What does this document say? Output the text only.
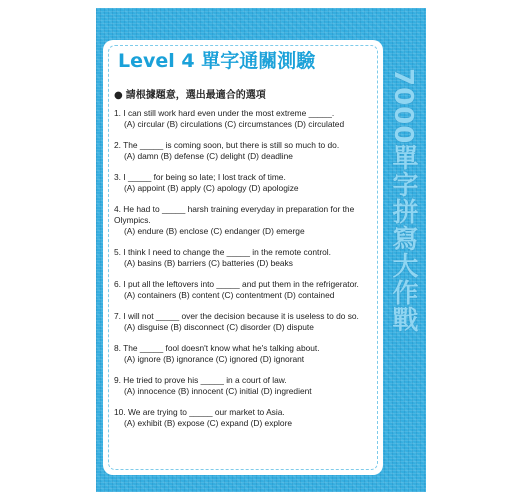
7000單字拼寫大作戰
Level 4 單字通關測驗
● 請根據題意，選出最適合的選項
1. I can still work hard even under the most extreme _____.
(A) circular (B) circulations (C) circumstances (D) circulated
2. The _____ is coming soon, but there is still so much to do.
(A) damn (B) defense (C) delight (D) deadline
3. I _____ for being so late; I lost track of time.
(A) appoint (B) apply (C) apology (D) apologize
4. He had to _____ harsh training everyday in preparation for the Olympics.
(A) endure (B) enclose (C) endanger (D) emerge
5. I think I need to change the _____ in the remote control.
(A) basins (B) barriers (C) batteries (D) beaks
6. I put all the leftovers into _____ and put them in the refrigerator.
(A) containers (B) content (C) contentment (D) contained
7. I will not _____ over the decision because it is useless to do so.
(A) disguise (B) disconnect (C) disorder (D) dispute
8. The _____ fool doesn't know what he's talking about.
(A) ignore (B) ignorance (C) ignored (D) ignorant
9. He tried to prove his _____ in a court of law.
(A) innocence (B) innocent (C) initial (D) ingredient
10. We are trying to _____ our market to Asia.
(A) exhibit (B) expose (C) expand (D) explore
